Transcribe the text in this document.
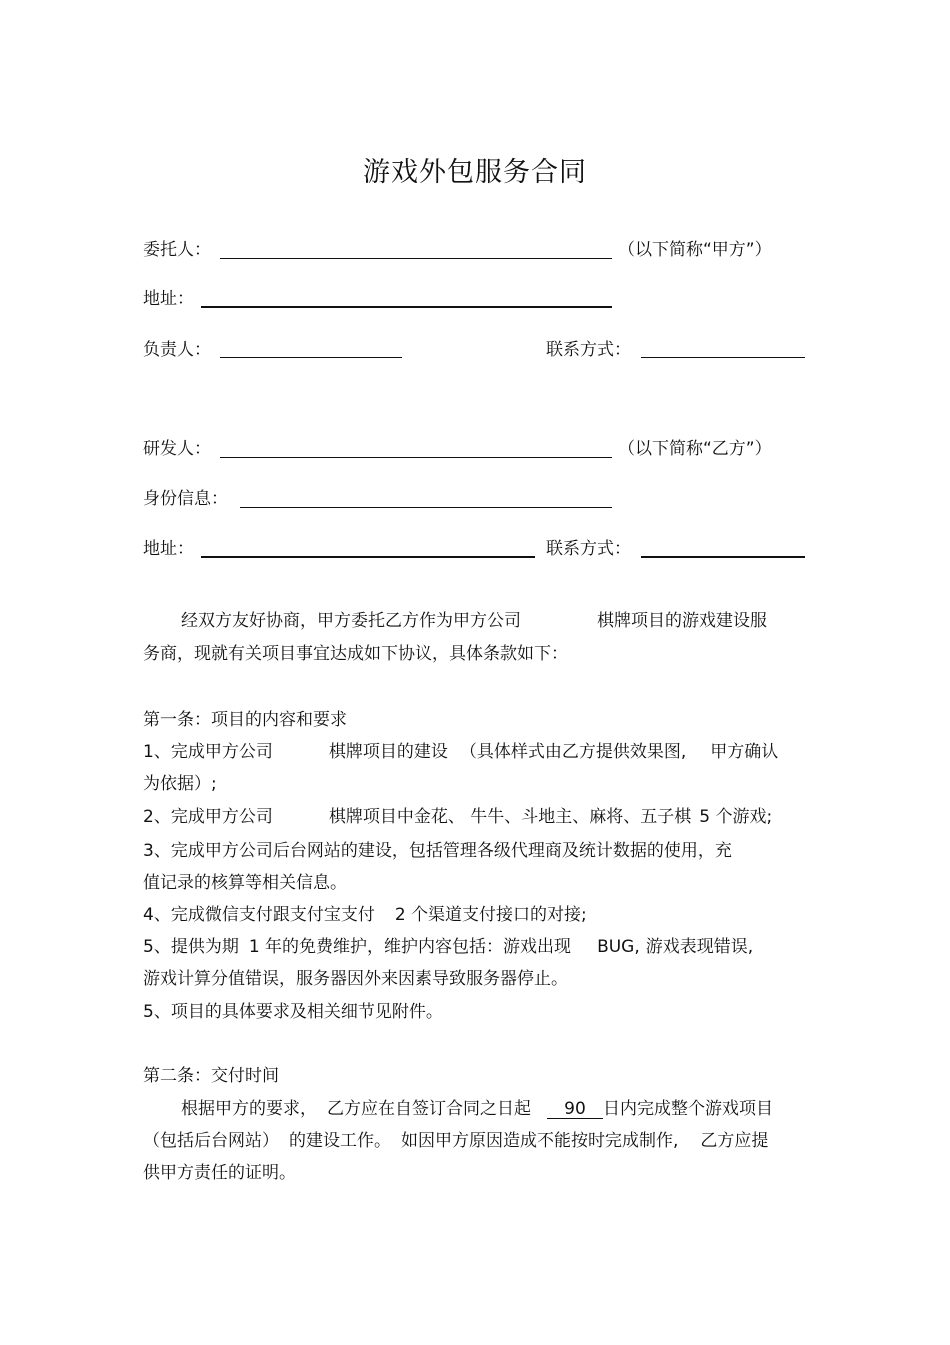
游戏外包服务合同
委托人：	（以下简称“甲方”）
地址：
负责人：	联系方式：
研发人：	（以下简称“乙方”）
身份信息：
地址：	联系方式：
经双方友好协商，甲方委托乙方作为甲方公司	棋牌项目的游戏建设服
务商，现就有关项目事宜达成如下协议，具体条款如下：
第一条：项目的内容和要求
1、完成甲方公司	棋牌项目的建设 （具体样式由乙方提供效果图, 甲方确认
为依据）;
2、完成甲方公司	棋牌项目中金花、 牛牛、斗地主、麻将、五子棋 5 个游戏;
3、完成甲方公司后台网站的建设，包括管理各级代理商及统计数据的使用，充
值记录的核算等相关信息。
4、完成微信支付跟支付宝支付 2 个渠道支付接口的对接;
5、提供为期 1 年的免费维护，维护内容包括：游戏出现 BUG, 游戏表现错误,
游戏计算分值错误，服务器因外来因素导致服务器停止。
5、项目的具体要求及相关细节见附件。
第二条：交付时间
根据甲方的要求， 乙方应在自签订合同之日起 90 日内完成整个游戏项目
（包括后台网站） 的建设工作。 如因甲方原因造成不能按时完成制作, 乙方应提
供甲方责任的证明。
